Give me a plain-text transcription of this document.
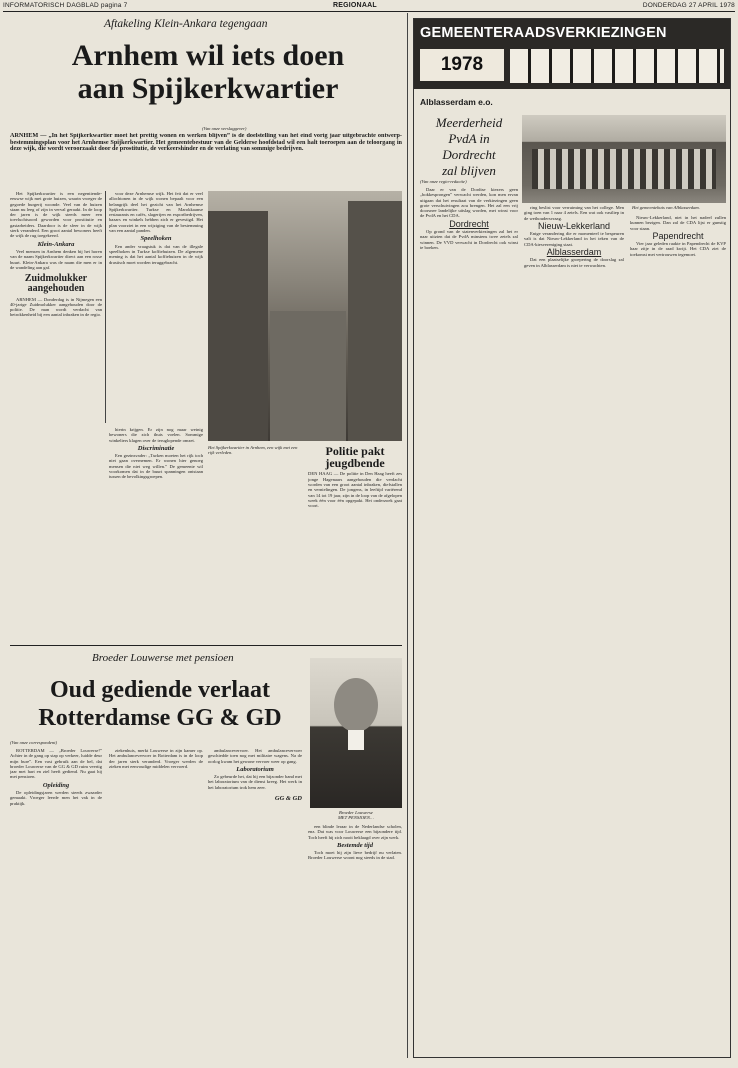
INFORMATORISCH DAGBLAD pagina 7	REGIONAAL	DONDERDAG 27 APRIL 1978
Aftakeling Klein-Ankara tegengaan
Arnhem wil iets doen
aan Spijkerkwartier
(Van onze verslaggever)
ARNHEM — „In het Spijkerkwartier moet het prettig wonen en werken blijven” is de doelstelling van het eind vorig jaar uitgebrachte ontwerp-bestemmingsplan voor het Arnhemse Spijkerkwartier. Het gemeentebestuur van de Gelderse hoofdstad wil een halt toeroepen aan de teloorgang in deze wijk, die wordt veroorzaakt door de prostitutie, de verkeershinder en de verlating van sommige bedrijven.

Het Spijkerkwartier is een negentiende-eeuwse wijk met grote huizen, waarin vroeger de gegoede burgerij woonde. Veel van de huizen staan nu leeg of zijn in verval geraakt. In de loop der jaren is de wijk steeds meer een toevluchtsoord geworden voor prostitutie en gastarbeiders. Daardoor is de sfeer in de wijk sterk veranderd. Een groot aantal bewoners heeft de wijk de rug toegekeerd.

Klein-Ankara

Veel mensen in Arnhem denken bij het horen van de naam Spijkerkwartier direct aan een rosse buurt. Klein-Ankara was de naam die men er in de wandeling aan gaf.

Zuidmolukker aangehouden

ARNHEM — Donderdag is in Nijmegen een 40-jarige Zuidmolukker aangehouden door de politie. De man wordt verdacht van betrokkenheid bij een aantal inbraken in de regio.

voor deze Arnhemse wijk. Het feit dat er veel allochtonen in de wijk wonen bepaalt voor een belangrijk deel het gezicht van het Arnhemse Spijkerkwartier. Turkse en Marokkaanse restaurants en cafés, slagerijen en exportbedrijven, bazars en winkels hebben zich er gevestigd. Het plan voorziet in een wijziging van de bestemming van een aantal panden.

Speelhoken

Een ander vraagstuk is dat van de illegale speelhoken in Turkse koffiehuizen. De algemene mening is dat het aantal koffiehuizen in de wijk drastisch moet worden teruggebracht.

Het Spijkerkwartier in Arnhem, een wijk met een rijk verleden.

hierin krijgen. Er zijn nog maar weinig bewoners die zich thuis voelen. Sommige winkeliers klagen over de teruglopende omzet.

Discriminatie

Een gezinsvader: „Turken moeten het rijk toch niet gaan overnemen. Er wonen hier genoeg mensen die niet weg willen.” De gemeente wil voorkomen dat in de buurt spanningen ontstaan tussen de bevolkingsgroepen.

Politie pakt
jeugdbende
DEN HAAG — De politie in Den Haag heeft zes jonge Hagenaars aangehouden die verdacht worden van een groot aantal inbraken, diefstallen en vernielingen. De jongens, in leeftijd variërend van 14 tot 19 jaar, zijn in de loop van de afgelopen week één voor één opgepakt. Het onderzoek gaat voort.
Broeder Louwerse met pensioen
Oud gediende verlaat
Rotterdamse GG & GD
(Van onze correspondent)

ROTTERDAM — „Broeder Louwerse!” Achter in de gang op stap op verkeer, luidde deur mijn bure”. Een vast gebruik aan de bel, dat broeder Louwerse van de GG & GD ruim veertig jaar met hart en ziel heeft gediend. Nu gaat hij met pensioen.

Opleiding

De opleidingsjaren werden steeds zwaarder gemaakt. Vroeger leerde men het vak in de praktijk.

ziekenhuis, merkt Louwerse in zijn kamer op. Het ambulancevervoer in Rotterdam is in de loop der jaren sterk veranderd. Vroeger werden de zieken met eenvoudige middelen vervoerd.

ambulancevervoer. Het ambulancevervoer geschiedde toen nog met militaire wagens. Na de oorlog kwam het gewone vervoer weer op gang.

Laboratorium

Zo gebeurde het, dat hij een bijzonder band met het laboratorium van de dienst kreeg. Het werk in het laboratorium trok hem zeer.

GG & GD
Broeder Louwerse
MET PENSIOEN…

een blinde leraar in de Nederlandse scholen, enz. Dat was voor Louwerse een bijzondere tijd. Toch heeft hij zich nooit beklaagd over zijn werk.

Bestemde tijd

Toch moet hij zijn lieve bedrijf nu verlaten. Broeder Louwerse woont nog steeds in de stad.

GEMEENTERAADSVERKIEZINGEN
1978
Alblasserdam e.o.
Meerderheid
PvdA in
Dordrecht
zal blijven
Het gemeentehuis van Alblasserdam.
(Van onze regio-redactie)

Daar er van de Dordtse kiezers geen „bokkesprongen” verwacht werden, kon men ervan uitgaan dat het resultaat van de verkiezingen geen grote verschuivingen zou brengen. Het zal een vrij doorsnee landelijke uitslag worden, met winst voor de PvdA en het CDA.

Dordrecht

Op grond van de statenverkiezingen zal het er naar uitzien dat de PvdA minstens twee zetels zal winnen. De VVD verwacht in Dordrecht ook winst te boeken.

ring beslist voor verruiming van het college. Men ging toen van 1 naar 4 zetels. Een wat ook vastliep in de wethoudersvraag.

Nieuw-Lekkerland

Enige verandering die er momenteel te bespeuren valt is dat Nieuw-Lekkerland in het teken van de CDA-kiesvereniging staat.

Alblasserdam

Dat een plaatselijke groepering de doorslag zal geven in Alblasserdam is niet te verwachten.

Nieuw-Lekkerland, niet in het nadeel zullen kunnen bezigen. Dan zal de CDA lijst er gunstig voor staan.

Papendrecht

Vier jaar geleden raakte in Papendrecht de KVP haar zitje in de raad kwijt. Het CDA ziet de toekomst met vertrouwen tegemoet.
